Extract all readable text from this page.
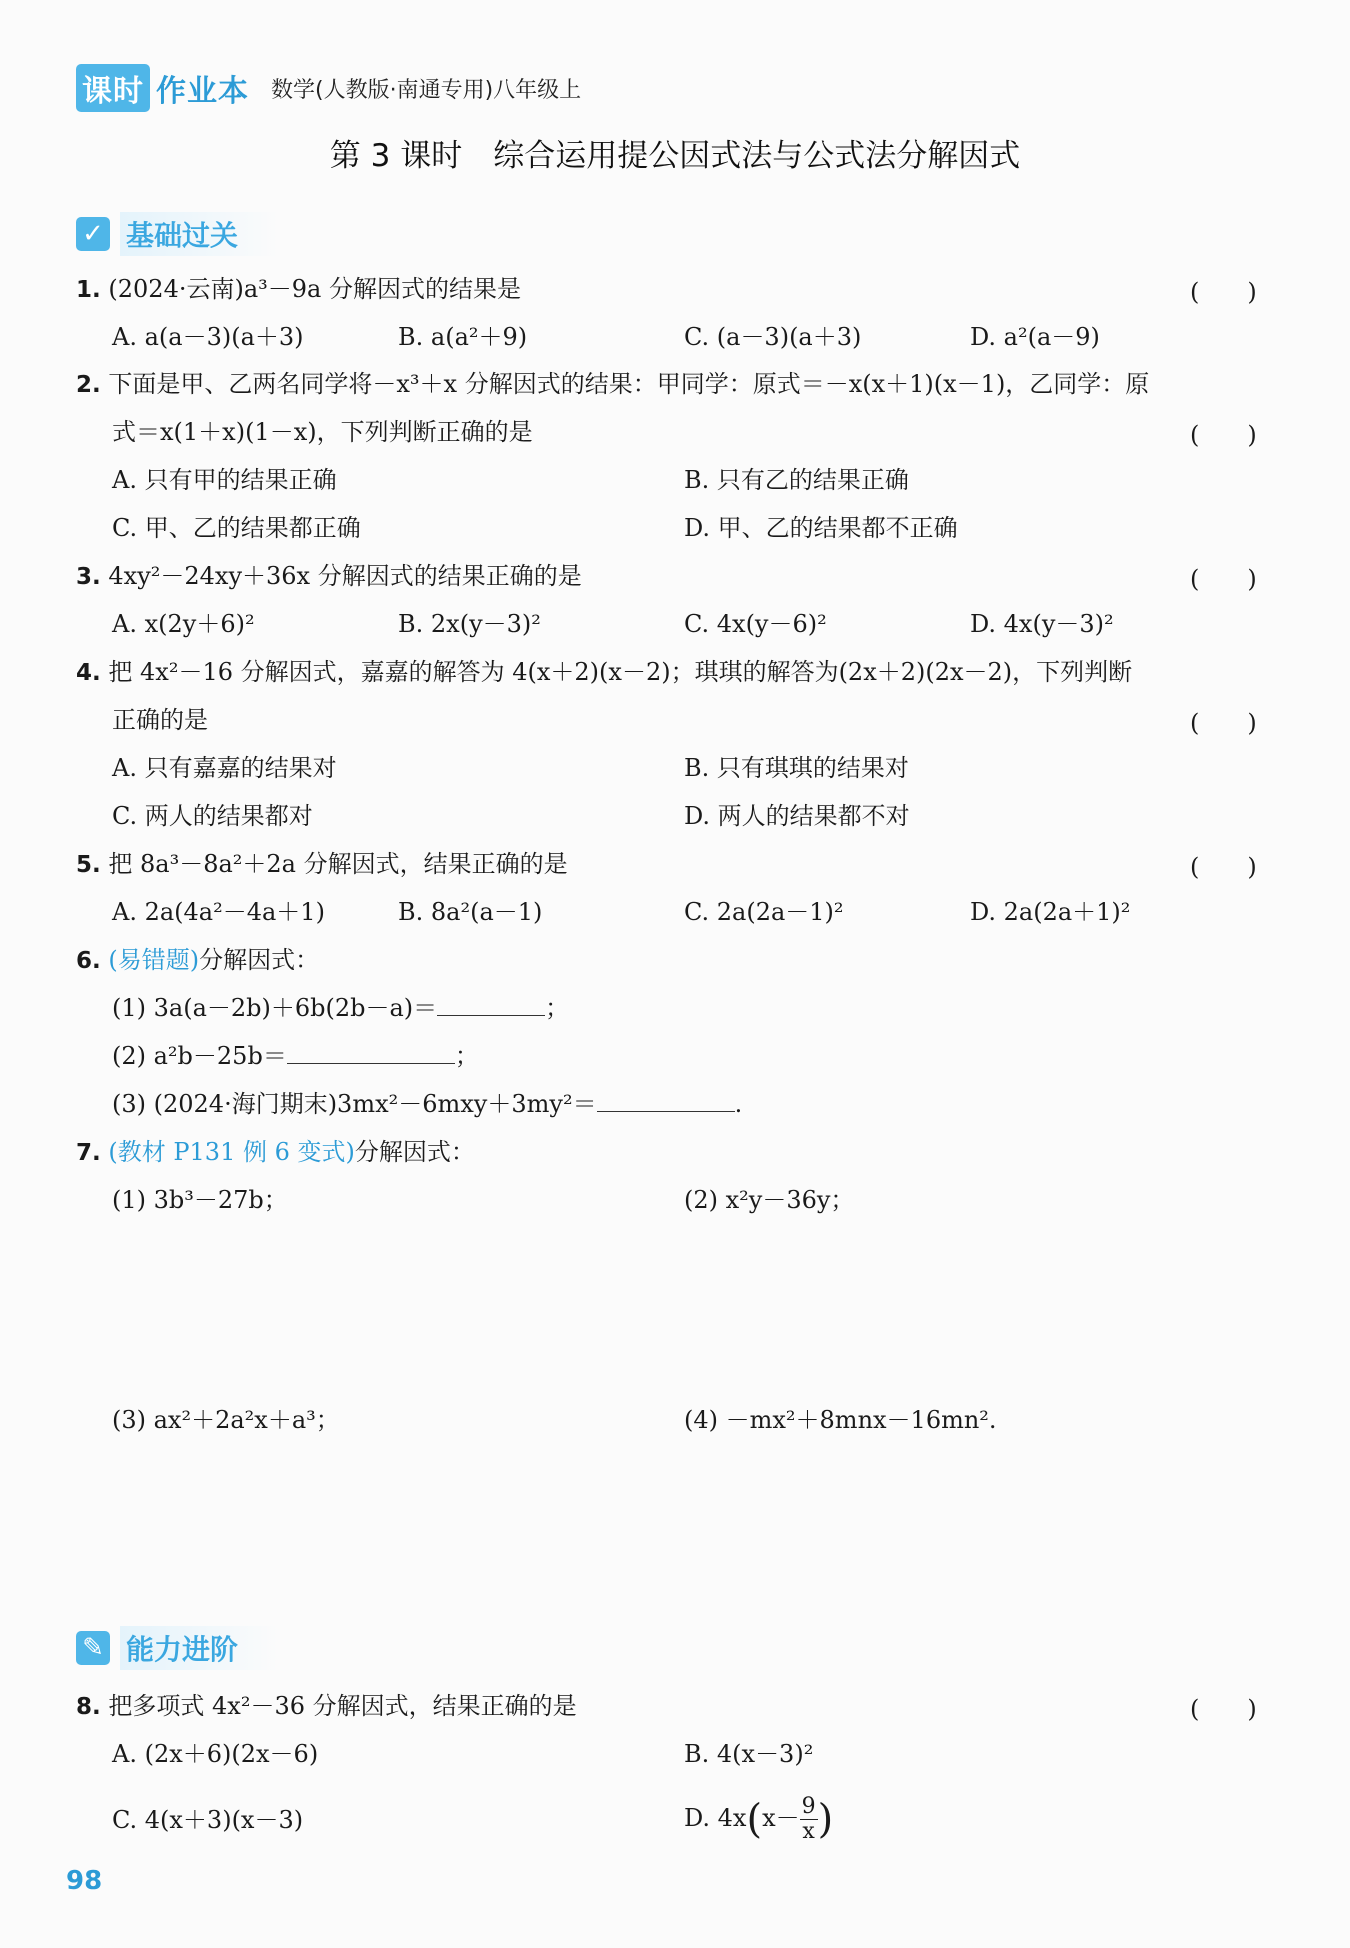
课时 作业本 数学(人教版·南通专用)八年级上
第 3 课时　综合运用提公因式法与公式法分解因式
✓ 基础过关
1. (2024·云南)a³－9a 分解因式的结果是	(　　)
A. a(a－3)(a＋3)	B. a(a²＋9)	C. (a－3)(a＋3)	D. a²(a－9)
2. 下面是甲、乙两名同学将－x³＋x 分解因式的结果：甲同学：原式＝－x(x＋1)(x－1)，乙同学：原
式＝x(1＋x)(1－x)，下列判断正确的是	(　　)
A. 只有甲的结果正确	B. 只有乙的结果正确
C. 甲、乙的结果都正确	D. 甲、乙的结果都不正确
3. 4xy²－24xy＋36x 分解因式的结果正确的是	(　　)
A. x(2y＋6)²	B. 2x(y－3)²	C. 4x(y－6)²	D. 4x(y－3)²
4. 把 4x²－16 分解因式，嘉嘉的解答为 4(x＋2)(x－2)；琪琪的解答为(2x＋2)(2x－2)，下列判断
正确的是	(　　)
A. 只有嘉嘉的结果对	B. 只有琪琪的结果对
C. 两人的结果都对	D. 两人的结果都不对
5. 把 8a³－8a²＋2a 分解因式，结果正确的是	(　　)
A. 2a(4a²－4a＋1)	B. 8a²(a－1)	C. 2a(2a－1)²	D. 2a(2a＋1)²
6. (易错题)分解因式：
(1) 3a(a－2b)＋6b(2b－a)＝	；
(2) a²b－25b＝	；
(3) (2024·海门期末)3mx²－6mxy＋3my²＝	.
7. (教材 P131 例 6 变式)分解因式：
(1) 3b³－27b；	(2) x²y－36y；
(3) ax²＋2a²x＋a³；	(4) －mx²＋8mnx－16mn².
✎ 能力进阶
8. 把多项式 4x²－36 分解因式，结果正确的是	(　　)
A. (2x＋6)(2x－6)	B. 4(x－3)²
C. 4(x＋3)(x－3)	D. $4x(x- \frac{9}{x}$ )
98
